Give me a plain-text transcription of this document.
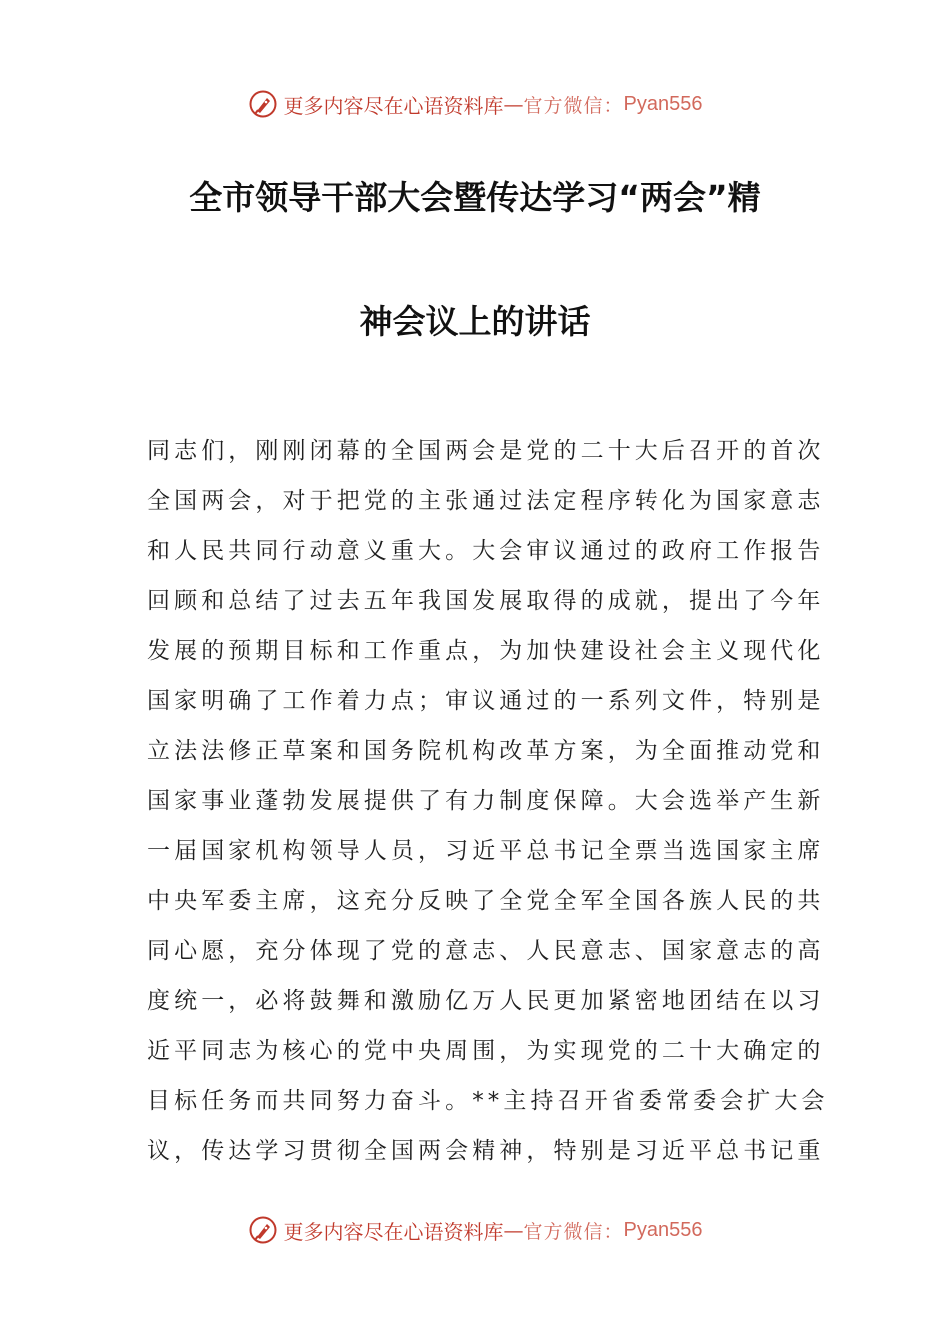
更多内容尽在心语资料库 — 官方微信： Pyan556
全市领导干部大会暨传达学习“两会”精
神会议上的讲话
同志们，刚刚闭幕的全国两会是党的二十大后召开的首次
全国两会，对于把党的主张通过法定程序转化为国家意志
和人民共同行动意义重大。大会审议通过的政府工作报告
回顾和总结了过去五年我国发展取得的成就，提出了今年
发展的预期目标和工作重点，为加快建设社会主义现代化
国家明确了工作着力点；审议通过的一系列文件，特别是
立法法修正草案和国务院机构改革方案，为全面推动党和
国家事业蓬勃发展提供了有力制度保障。大会选举产生新
一届国家机构领导人员，习近平总书记全票当选国家主席
中央军委主席，这充分反映了全党全军全国各族人民的共
同心愿，充分体现了党的意志、人民意志、国家意志的高
度统一，必将鼓舞和激励亿万人民更加紧密地团结在以习
近平同志为核心的党中央周围，为实现党的二十大确定的
目标任务而共同努力奋斗。**主持召开省委常委会扩大会
议，传达学习贯彻全国两会精神，特别是习近平总书记重
更多内容尽在心语资料库 — 官方微信： Pyan556
